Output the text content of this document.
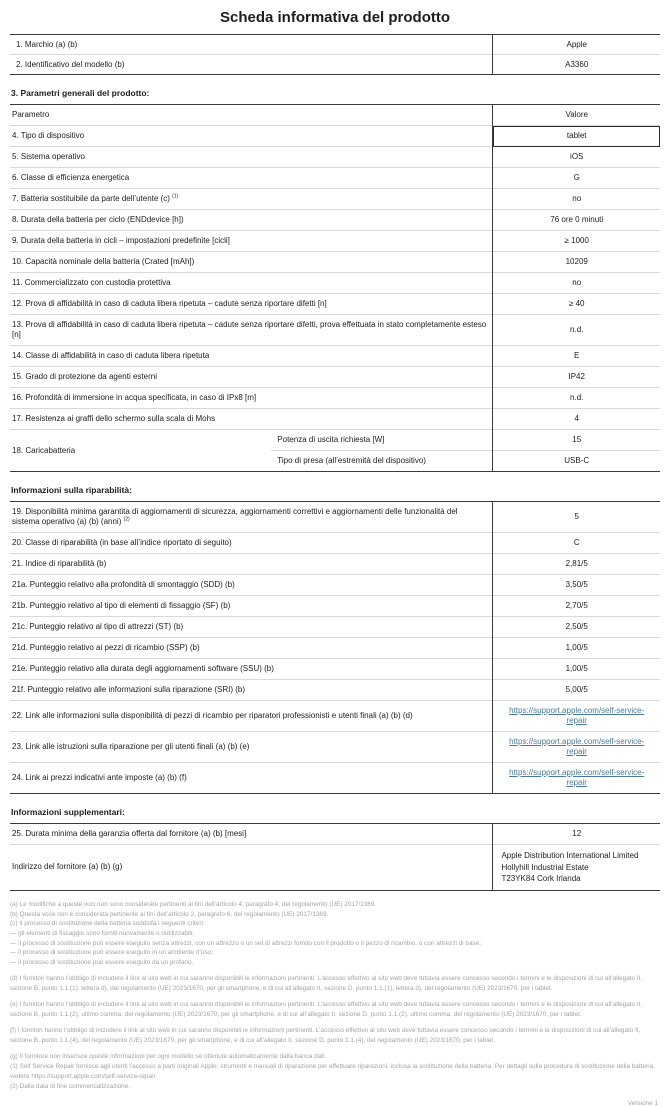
Scheda informativa del prodotto
1. Marchio (a) (b)	Apple
2. Identificativo del modello (b)	A3360
3. Parametri generali del prodotto:
Parametro		Valore
4. Tipo di dispositivo		tablet
5. Sistema operativo		iOS
6. Classe di efficienza energetica		G
7. Batteria sostituibile da parte dell’utente (c) $^{(1)}$		no
8. Durata della batteria per ciclo (ENDdevice [h])		76 ore 0 minuti
9. Durata della batteria in cicli – impostazioni predefinite [cicli]		≥ 1000
10. Capacità nominale della batteria (Crated [mAh])		10209
11. Commercializzato con custodia protettiva		no
12. Prova di affidabilità in caso di caduta libera ripetuta – cadute senza riportare difetti [n]		≥ 40
13. Prova di affidabilità in caso di caduta libera ripetuta – cadute senza riportare difetti, prova effettuata in stato completamente esteso [n]		n.d.
14. Classe di affidabilità in caso di caduta libera ripetuta		E
15. Grado di protezione da agenti esterni		IP42
16. Profondità di immersione in acqua specificata, in caso di IPx8 [m]		n.d.
17. Resistenza ai graffi dello schermo sulla scala di Mohs		4
18. Caricabatteria	Potenza di uscita richiesta [W]	15
	Tipo di presa (all’estremità del dispositivo)	USB-C
Informazioni sulla riparabilità:
19. Disponibilità minima garantita di aggiornamenti di sicurezza, aggiornamenti correttivi e aggiornamenti delle funzionalità del sistema operativo (a) (b) (anni) $^{(2)}$	5
20. Classe di riparabilità (in base all’indice riportato di seguito)	C
21. Indice di riparabilità (b)	2,81/5
21a. Punteggio relativo alla profondità di smontaggio (SDD) (b)	3,50/5
21b. Punteggio relativo al tipo di elementi di fissaggio (SF) (b)	2,70/5
21c. Punteggio relativo al tipo di attrezzi (ST) (b)	2,50/5
21d. Punteggio relativo ai pezzi di ricambio (SSP) (b)	1,00/5
21e. Punteggio relativo alla durata degli aggiornamenti software (SSU) (b)	1,00/5
21f. Punteggio relativo alle informazioni sulla riparazione (SRI) (b)	5,00/5
22. Link alle informazioni sulla disponibilità di pezzi di ricambio per riparatori professionisti e utenti finali (a) (b) (d)	https://support.apple.com/self-service-repair
23. Link alle istruzioni sulla riparazione per gli utenti finali (a) (b) (e)	https://support.apple.com/self-service-repair
24. Link ai prezzi indicativi ante imposte (a) (b) (f)	https://support.apple.com/self-service-repair
Informazioni supplementari:
25. Durata minima della garanzia offerta dal fornitore (a) (b) [mesi]	12
Indirizzo del fornitore (a) (b) (g)	Apple Distribution International Limited
Hollyhill Industrial Estate
T23YK84 Cork Irlanda

(a) Le modifiche a queste voci non sono considerate pertinenti ai fini dell’articolo 4, paragrafo 4, del regolamento (UE) 2017/1369.

(b) Questa voce non è considerata pertinente ai fini dell’articolo 2, paragrafo 6, del regolamento (UE) 2017/1369.

(c) Il processo di sostituzione della batteria soddisfa i seguenti criteri:

— gli elementi di fissaggio sono forniti nuovamente o riutilizzabili;

— il processo di sostituzione può essere eseguito senza attrezzi, con un attrezzo o un set di attrezzi fornito con il prodotto o il pezzo di ricambio, o con attrezzi di base;

— il processo di sostituzione può essere eseguito in un ambiente d’uso;

— il processo di sostituzione può essere eseguito da un profano.

(d) I fornitori hanno l’obbligo di includere il link al sito web in cui saranno disponibili le informazioni pertinenti. L’accesso effettivo al sito web deve tuttavia essere concesso secondo i termini e le disposizioni di cui all’allegato II, sezione B, punto 1.1.(1), lettera d), del regolamento (UE) 2023/1670, per gli smartphone, e di cui all’allegato II, sezione D, punto 1.1.(1), lettera d), del regolamento (UE) 2023/1670, per i tablet.

(e) I fornitori hanno l’obbligo di includere il link al sito web in cui saranno disponibili le informazioni pertinenti. L’accesso effettivo al sito web deve tuttavia essere concesso secondo i termini e le disposizioni di cui all’allegato II, sezione B, punto 1.1.(2), ultimo comma, del regolamento (UE) 2023/1670, per gli smartphone, e di cui all’allegato II, sezione D, punto 1.1.(2), ultimo comma, del regolamento (UE) 2023/1670, per i tablet.

(f) I fornitori hanno l’obbligo di includere il link al sito web in cui saranno disponibili le informazioni pertinenti. L’accesso effettivo al sito web deve tuttavia essere concesso secondo i termini e le disposizioni di cui all’allegato II, sezione B, punto 1.1.(4), del regolamento (UE) 2023/1670, per gli smartphone, e di cui all’allegato II, sezione D, punto 1.1.(4), del regolamento (UE) 2023/1670, per i tablet.

(g) Il fornitore non inserisce queste informazioni per ogni modello se ottenute automaticamente dalla banca dati.

(1) Self Service Repair fornisce agli utenti l’accesso a parti originali Apple, strumenti e manuali di riparazione per effettuare riparazioni, inclusa la sostituzione della batteria. Per dettagli sulla procedura di sostituzione della batteria, vedere https://support.apple.com/self-service-repair.

(2) Dalla data di fine commercializzazione.

Versione 1
